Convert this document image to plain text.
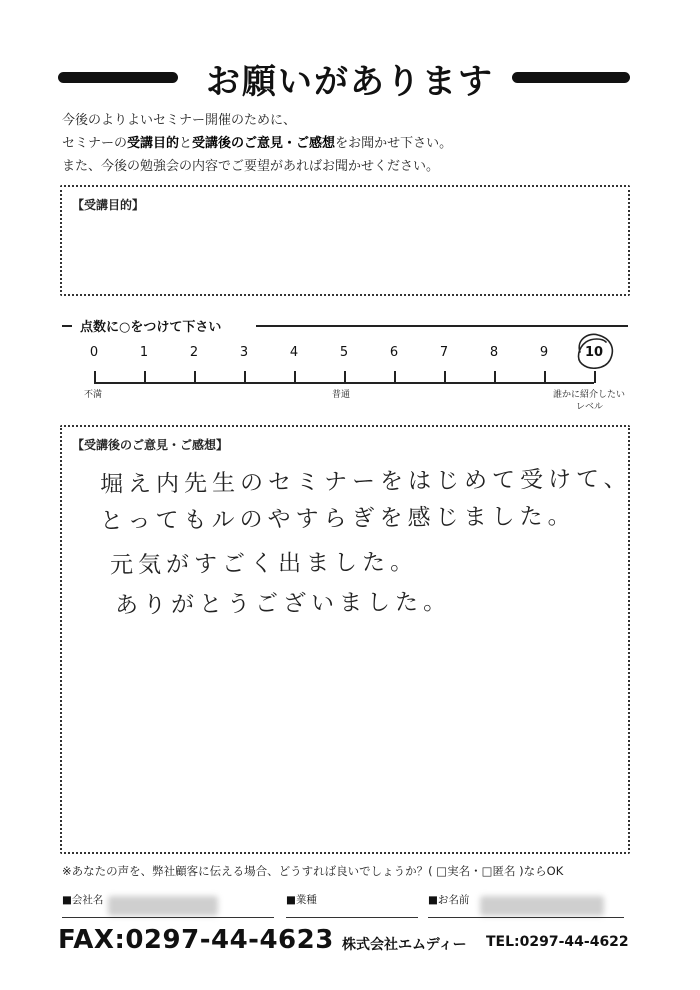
お願いがあります
今後のよりよいセミナー開催のために、
セミナーの受講目的と受講後のご意見・ご感想をお聞かせ下さい。
また、今後の勉強会の内容でご要望があればお聞かせください。
【受講目的】
点数に○をつけて下さい
0	1	2	3	4	5	6	7	8	9	10
不満	普通	誰かに紹介したい
レベル
【受講後のご意見・ご感想】
堀え内先生のセミナーをはじめて受けて、
とってもルのやすらぎを感じました。
元気がすごく出ました。
ありがとうございました。
※あなたの声を、弊社顧客に伝える場合、どうすれば良いでしょうか？( □実名・□匿名 )ならOK
■会社名	■業種	■お名前
FAX:0297-44-4623 株式会社エムディー TEL:0297-44-4622
